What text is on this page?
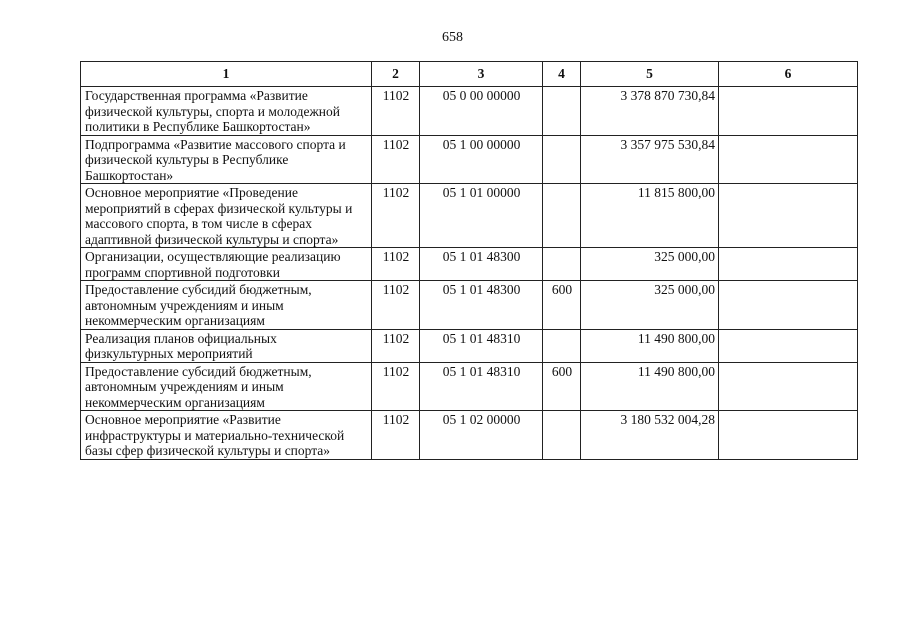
658
1	2	3	4	5	6
Государственная программа «Развитие физической культуры, спорта и молодежной политики в Республике Башкортостан»	1102	05 0 00 00000		3 378 870 730,84	
Подпрограмма «Развитие массового спорта и физической культуры в Республике Башкортостан»	1102	05 1 00 00000		3 357 975 530,84	
Основное мероприятие «Проведение мероприятий в сферах физической культуры и массового спорта, в том числе в сферах адаптивной физической культуры и спорта»	1102	05 1 01 00000		11 815 800,00	
Организации, осуществляющие реализацию программ спортивной подготовки	1102	05 1 01 48300		325 000,00	
Предоставление субсидий бюджетным, автономным учреждениям и иным некоммерческим организациям	1102	05 1 01 48300	600	325 000,00	
Реализация планов официальных физкультурных мероприятий	1102	05 1 01 48310		11 490 800,00	
Предоставление субсидий бюджетным, автономным учреждениям и иным некоммерческим организациям	1102	05 1 01 48310	600	11 490 800,00	
Основное мероприятие «Развитие инфраструктуры и материально-технической базы сфер физической культуры и спорта»	1102	05 1 02 00000		3 180 532 004,28	
